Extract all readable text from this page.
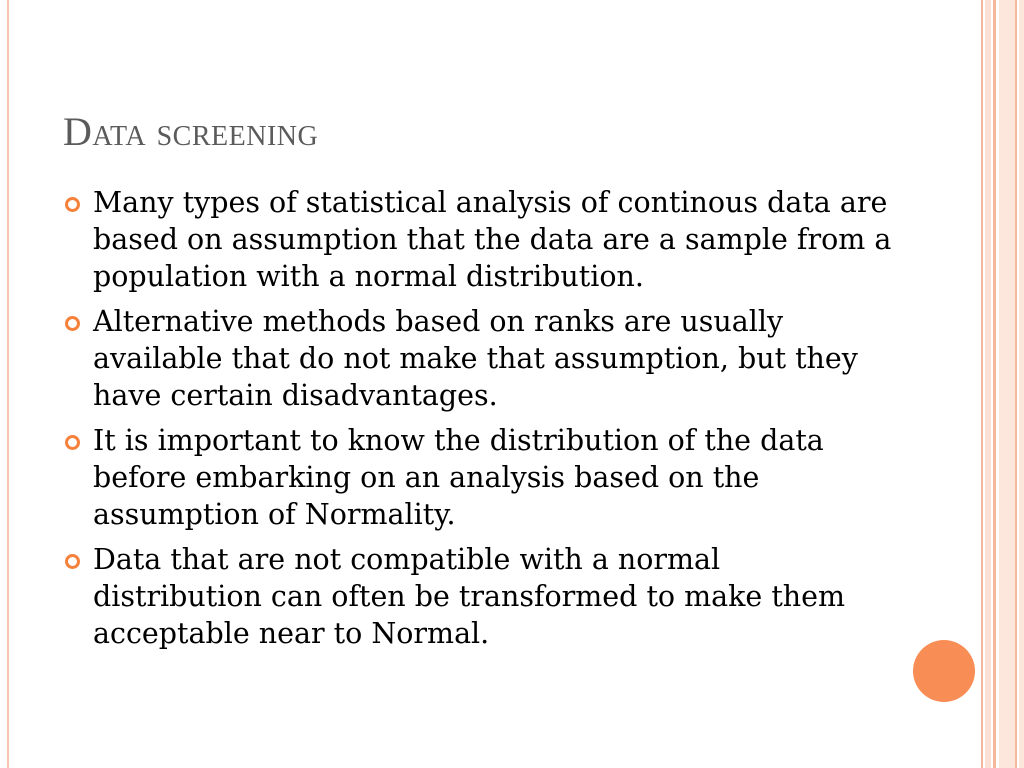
Data screening
Many types of statistical analysis of continous data are based on assumption that the data are a sample from a population with a normal distribution.
Alternative methods based on ranks are usually available that do not make that assumption, but they have certain disadvantages.
It is important to know the distribution of the data before embarking on an analysis based on the assumption of Normality.
Data that are not compatible with a normal distribution can often be transformed to make them acceptable near to Normal.
